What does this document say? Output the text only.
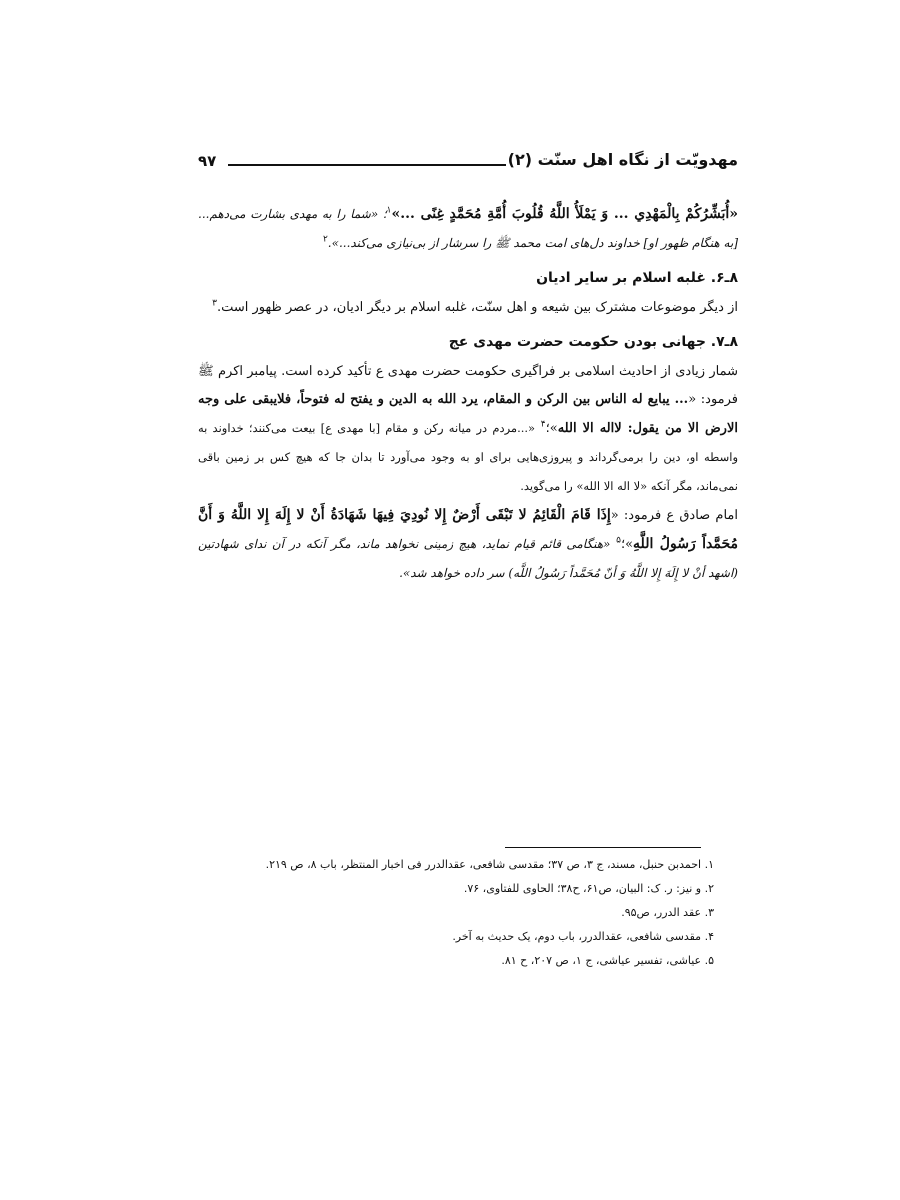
۹۷	مهدویّت از نگاه اهل سنّت (۲)

«أُبَشِّرُكُمْ بِالْمَهْدِي ... وَ يَمْلَأُ اللَّهُ قُلُوبَ أُمَّةِ مُحَمَّدٍ غِنًى ...»$^۱$؛ «شما را به مهدی بشارت می‌دهم... [به هنگام ظهور او] خداوند دل‌های امت محمد ﷺ را سرشار از بی‌نیازی می‌کند...».$^۲$

۸ـ۶. غلبه اسلام بر سایر ادیان

از دیگر موضوعات مشترک بین شیعه و اهل سنّت، غلبه اسلام بر دیگر ادیان، در عصر ظهور است.$^۳$

۸ـ۷. جهانی بودن حکومت حضرت مهدی عج

شمار زیادی از احادیث اسلامی بر فراگیری حکومت حضرت مهدی ع تأکید کرده است. پیامبر اکرم ﷺ فرمود: «... يبايع له الناس بين الركن و المقام، يرد الله به الدين و يفتح له فتوحاً، فلايبقى على وجه الارض الا من يقول: لااله الا الله»؛$^۴$ «...مردم در میانه رکن و مقام [با مهدی ع] بیعت می‌کنند؛ خداوند به واسطه او، دین را برمی‌گرداند و پیروزی‌هایی برای او به وجود می‌آورد تا بدان جا که هیچ کس بر زمین باقی نمی‌ماند، مگر آنکه «لا اله الا الله» را می‌گوید.

امام صادق ع فرمود: «إِذَا قَامَ الْقَائِمُ لا تَبْقَى أَرْضٌ إِلا نُودِيَ فِيهَا شَهَادَةُ أَنْ لا إِلَهَ إِلا اللَّهُ وَ أَنَّ مُحَمَّداً رَسُولُ اللَّهِ»؛$^۵$ «هنگامی قائم قیام نماید، هیچ زمینی نخواهد ماند، مگر آنکه در آن ندای شهادتین (اشهد أنْ لا إِلَهَ إِلا اللَّهُ وَ أنّ مُحَمَّداً رَسُولُ اللَّه) سر داده خواهد شد».

۱. احمدبن حنبل، مسند، ج ۳، ص ۳۷؛ مقدسی شافعی، عقدالدرر فی اخبار المنتظر، باب ۸، ص ۲۱۹.

۲. و نیز: ر. ک: البیان، ص۶۱، ح۳۸؛ الحاوی للفتاوی، ۷۶.

۳. عقد الدرر، ص۹۵.

۴. مقدسی شافعی، عقدالدرر، باب دوم، یک حدیث به آخر.

۵. عیاشی، تفسیر عیاشی، ج ۱، ص ۲۰۷، ح ۸۱.
